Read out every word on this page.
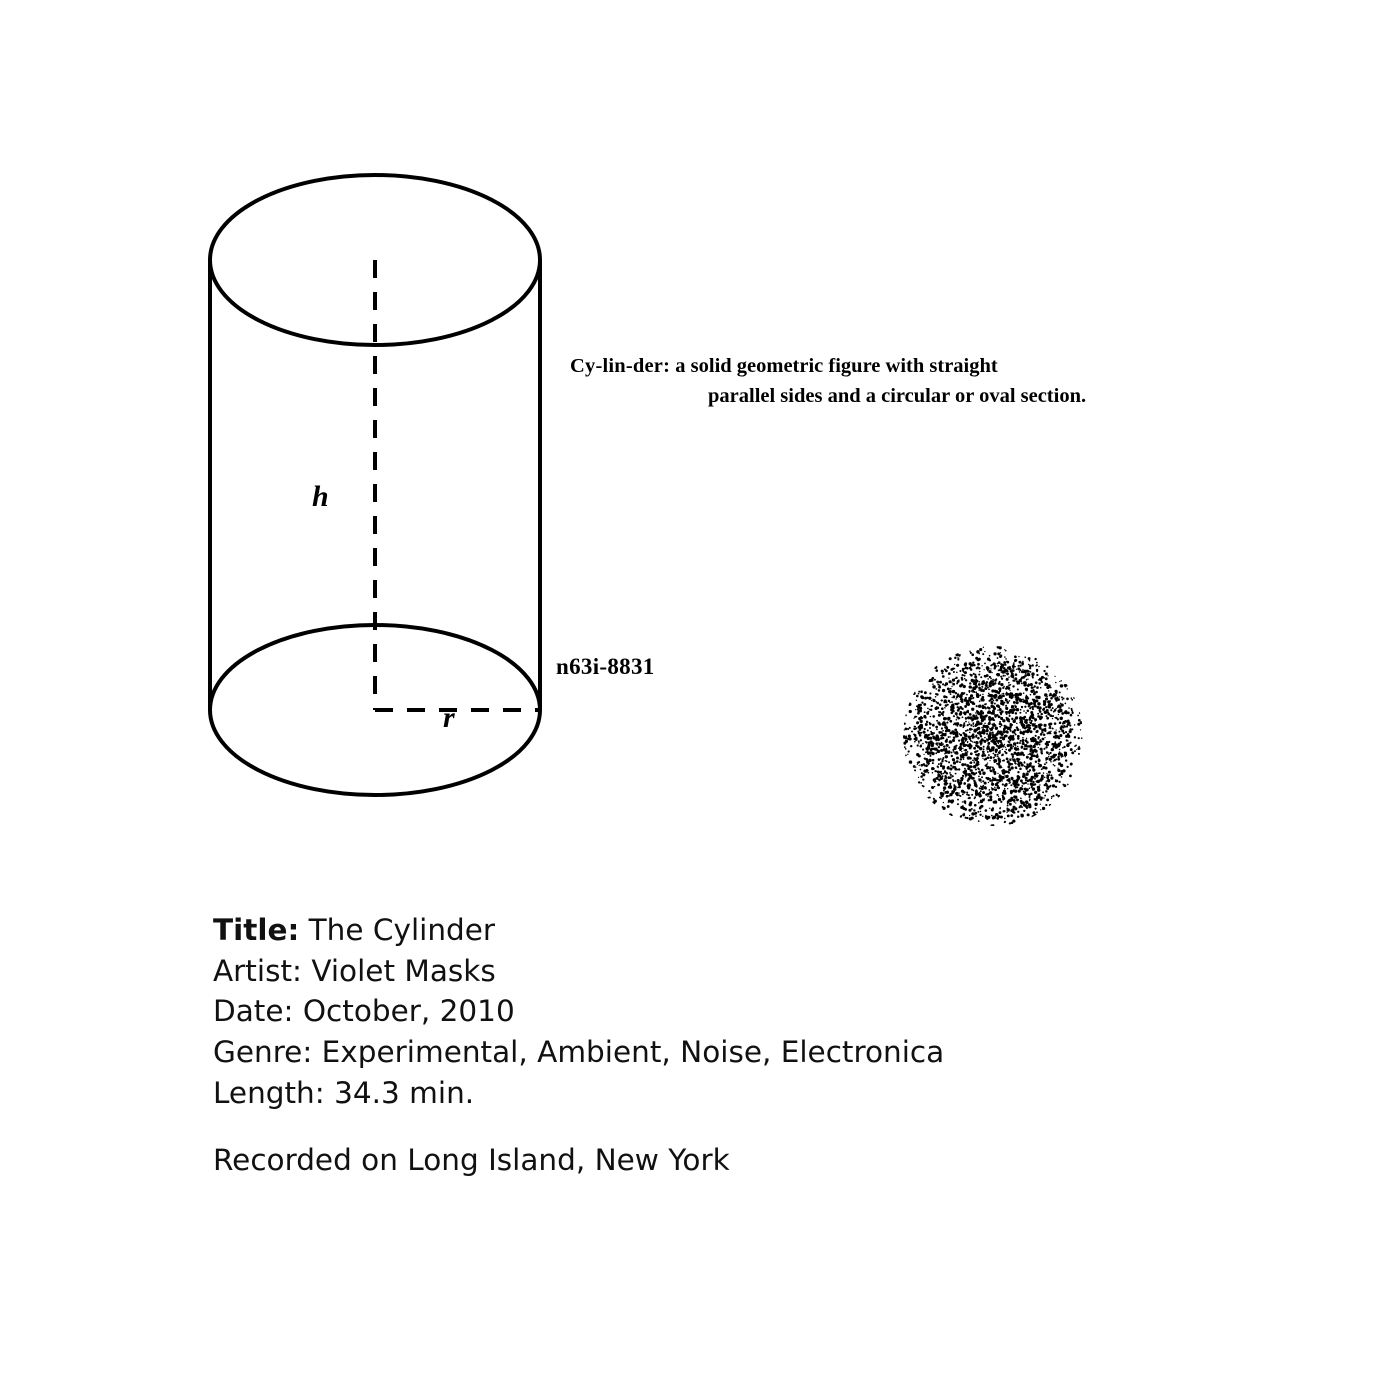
h
r
Cy-lin-der: a solid geometric figure with straight
parallel sides and a circular or oval section.
n63i-8831
Title: The Cylinder
Artist: Violet Masks
Date: October, 2010
Genre: Experimental, Ambient, Noise, Electronica
Length: 34.3 min.
Recorded on Long Island, New York
